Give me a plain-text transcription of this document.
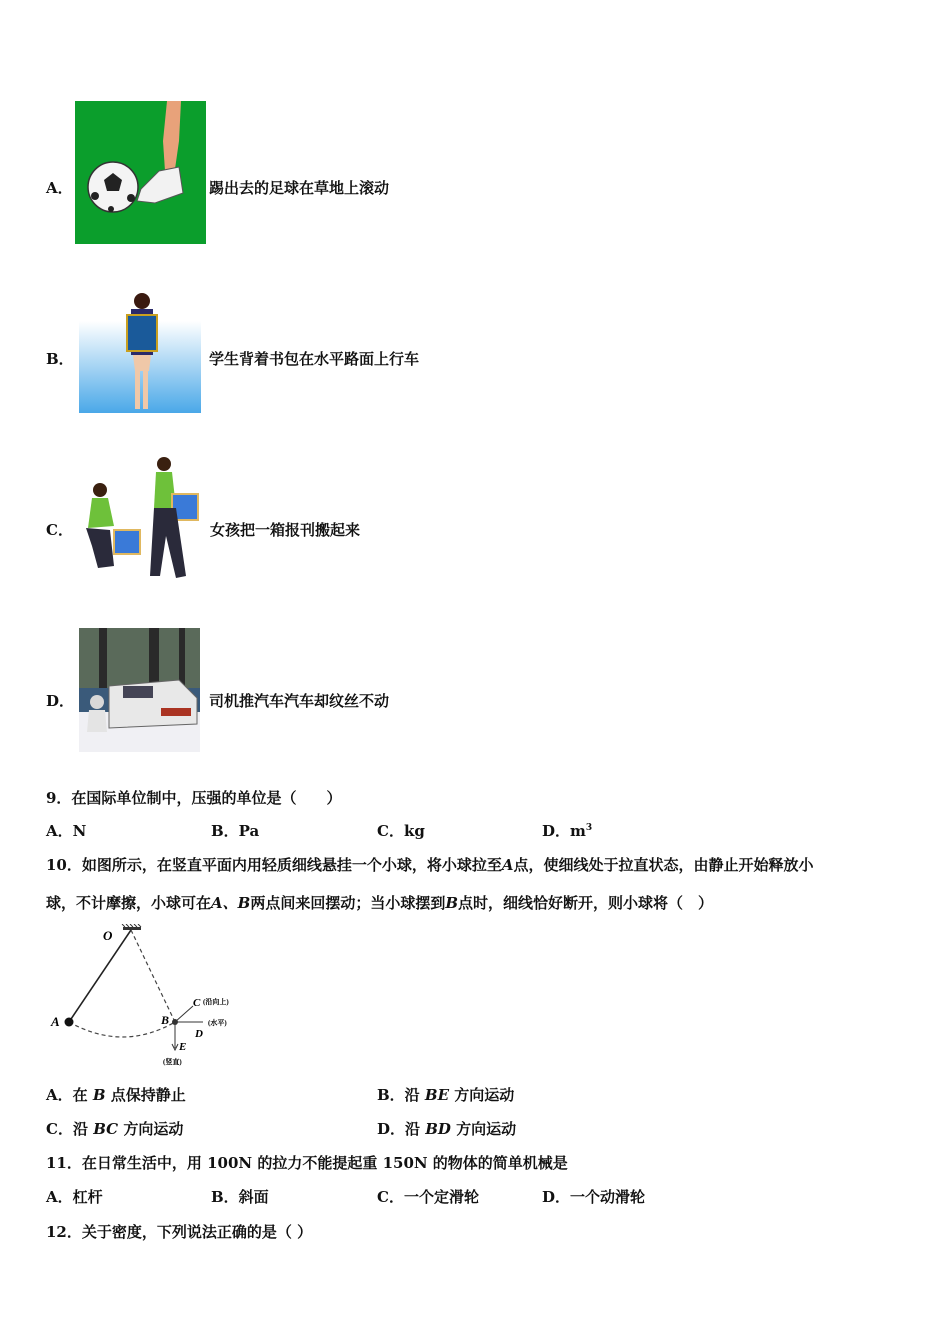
A．	踢出去的足球在草地上滚动
B．	学生背着书包在水平路面上行车
C．	女孩把一箱报刊搬起来
D．	司机推汽车汽车却纹丝不动
9．在国际单位制中，压强的单位是（　　）
A．N	B．Pa	C．kg	D．$m^3$
10．如图所示，在竖直平面内用轻质细线悬挂一个小球，将小球拉至A点，使细线处于拉直状态，由静止开始释放小
球，不计摩擦，小球可在A、B两点间来回摆动；当小球摆到B点时，细线恰好断开，则小球将（　）
O
A	B
C (沿向上)
(水平)
D
E
(竖直)
A．在 B 点保持静止	B．沿 BE 方向运动
C．沿 BC 方向运动	D．沿 BD 方向运动
11．在日常生活中，用 100N 的拉力不能提起重 150N 的物体的简单机械是
A．杠杆	B．斜面	C．一个定滑轮	D．一个动滑轮
12．关于密度，下列说法正确的是（ ）
